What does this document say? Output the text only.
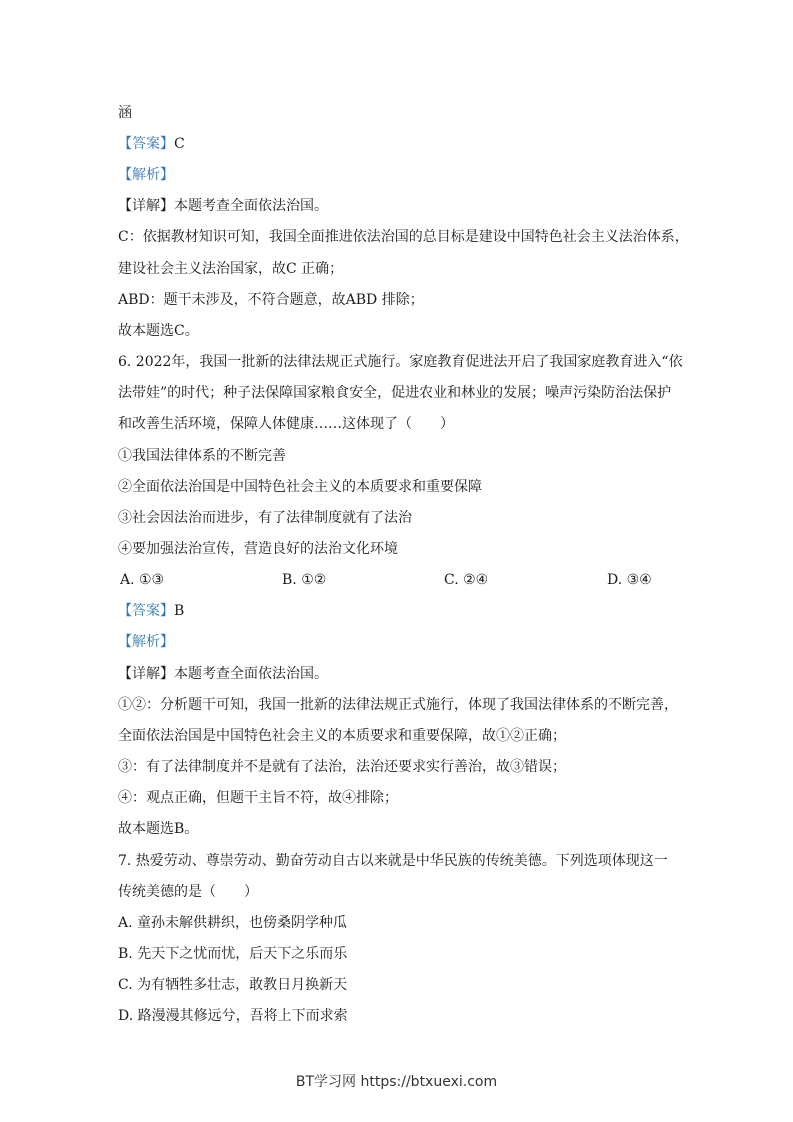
涵
【答案】C
【解析】
【详解】本题考查全面依法治国。
C：依据教材知识可知，我国全面推进依法治国的总目标是建设中国特色社会主义法治体系，
建设社会主义法治国家，故C 正确；
ABD：题干未涉及，不符合题意，故ABD 排除；
故本题选C。
6. 2022年，我国一批新的法律法规正式施行。家庭教育促进法开启了我国家庭教育进入“依
法带娃”的时代；种子法保障国家粮食安全，促进农业和林业的发展；噪声污染防治法保护
和改善生活环境，保障人体健康……这体现了（　　）
①我国法律体系的不断完善
②全面依法治国是中国特色社会主义的本质要求和重要保障
③社会因法治而进步，有了法律制度就有了法治
④要加强法治宣传，营造良好的法治文化环境
A. ①③	B. ①②	C. ②④	D. ③④
【答案】B
【解析】
【详解】本题考查全面依法治国。
①②：分析题干可知，我国一批新的法律法规正式施行，体现了我国法律体系的不断完善，
全面依法治国是中国特色社会主义的本质要求和重要保障，故①②正确；
③：有了法律制度并不是就有了法治，法治还要求实行善治，故③错误；
④：观点正确，但题干主旨不符，故④排除；
故本题选B。
7. 热爱劳动、尊崇劳动、勤奋劳动自古以来就是中华民族的传统美德。下列选项体现这一
传统美德的是（　　）
A. 童孙未解供耕织，也傍桑阴学种瓜
B. 先天下之忧而忧，后天下之乐而乐
C. 为有牺牲多壮志，敢教日月换新天
D. 路漫漫其修远兮，吾将上下而求索
BT学习网 https://btxuexi.com
